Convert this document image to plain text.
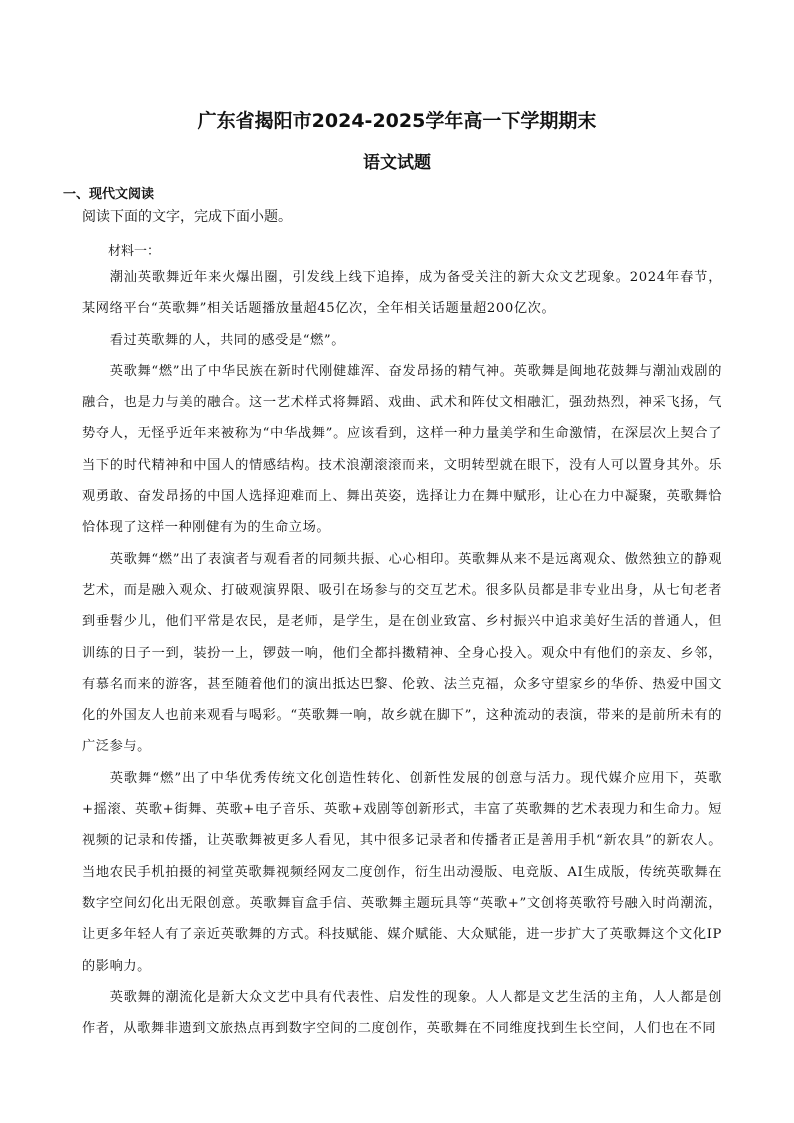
广东省揭阳市2024-2025学年高一下学期期末
语文试题
一、现代文阅读
阅读下面的文字，完成下面小题。
材料一：

潮汕英歌舞近年来火爆出圈，引发线上线下追捧，成为备受关注的新大众文艺现象。2024年春节，某网络平台“英歌舞”相关话题播放量超45亿次，全年相关话题量超200亿次。

看过英歌舞的人，共同的感受是“燃”。

英歌舞“燃”出了中华民族在新时代刚健雄浑、奋发昂扬的精气神。英歌舞是闽地花鼓舞与潮汕戏剧的融合，也是力与美的融合。这一艺术样式将舞蹈、戏曲、武术和阵仗文相融汇，强劲热烈，神采飞扬，气势夺人，无怪乎近年来被称为“中华战舞”。应该看到，这样一种力量美学和生命激情，在深层次上契合了当下的时代精神和中国人的情感结构。技术浪潮滚滚而来，文明转型就在眼下，没有人可以置身其外。乐观勇敢、奋发昂扬的中国人选择迎难而上、舞出英姿，选择让力在舞中赋形，让心在力中凝聚，英歌舞恰恰体现了这样一种刚健有为的生命立场。

英歌舞“燃”出了表演者与观看者的同频共振、心心相印。英歌舞从来不是远离观众、傲然独立的静观艺术，而是融入观众、打破观演界限、吸引在场参与的交互艺术。很多队员都是非专业出身，从七旬老者到垂髫少儿，他们平常是农民，是老师，是学生，是在创业致富、乡村振兴中追求美好生活的普通人，但训练的日子一到，装扮一上，锣鼓一响，他们全都抖擞精神、全身心投入。观众中有他们的亲友、乡邻，有慕名而来的游客，甚至随着他们的演出抵达巴黎、伦敦、法兰克福，众多守望家乡的华侨、热爱中国文化的外国友人也前来观看与喝彩。“英歌舞一响，故乡就在脚下”，这种流动的表演，带来的是前所未有的广泛参与。

英歌舞“燃”出了中华优秀传统文化创造性转化、创新性发展的创意与活力。现代媒介应用下，英歌+摇滚、英歌+街舞、英歌+电子音乐、英歌+戏剧等创新形式，丰富了英歌舞的艺术表现力和生命力。短视频的记录和传播，让英歌舞被更多人看见，其中很多记录者和传播者正是善用手机“新农具”的新农人。当地农民手机拍摄的祠堂英歌舞视频经网友二度创作，衍生出动漫版、电竞版、AI生成版，传统英歌舞在数字空间幻化出无限创意。英歌舞盲盒手信、英歌舞主题玩具等“英歌+”文创将英歌符号融入时尚潮流，让更多年轻人有了亲近英歌舞的方式。科技赋能、媒介赋能、大众赋能，进一步扩大了英歌舞这个文化IP的影响力。

英歌舞的潮流化是新大众文艺中具有代表性、启发性的现象。人人都是文艺生活的主角，人人都是创作者，从歌舞非遗到文旅热点再到数字空间的二度创作，英歌舞在不同维度找到生长空间，人们也在不同
